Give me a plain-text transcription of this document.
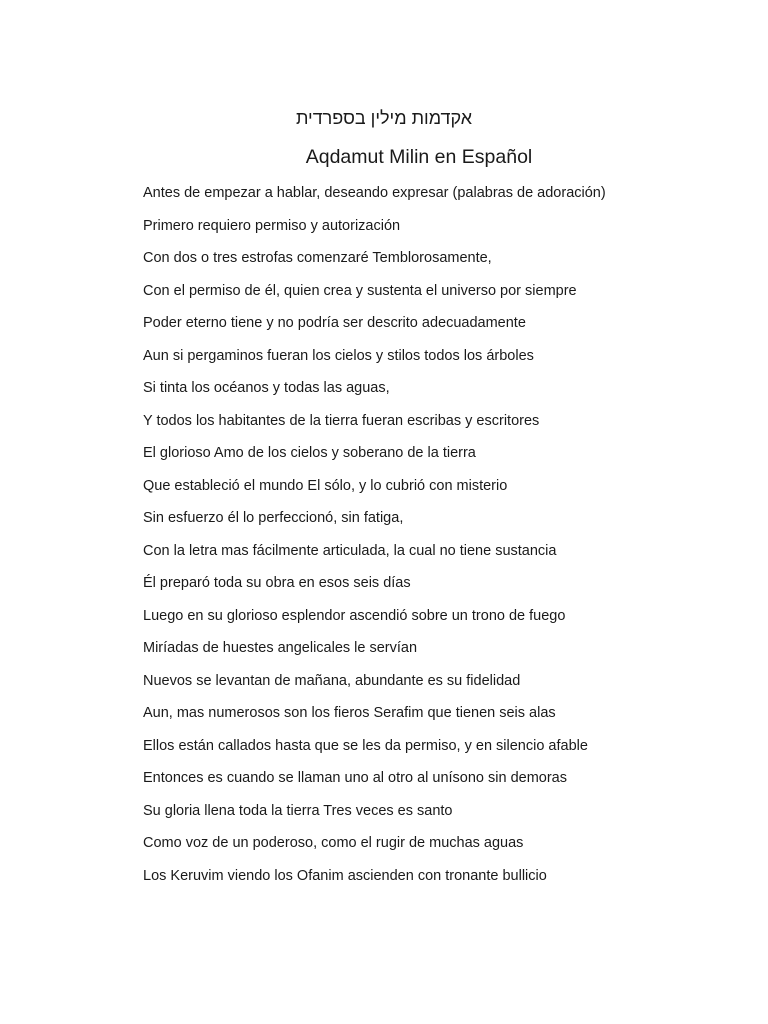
אקדמות מילין בספרדית
Aqdamut Milin en Español
Antes de empezar a hablar, deseando expresar (palabras de adoración)
Primero requiero permiso y autorización
Con dos o tres estrofas comenzaré Temblorosamente,
Con el permiso de él, quien crea y sustenta el universo por siempre
Poder eterno tiene y no podría ser descrito adecuadamente
Aun si pergaminos fueran los cielos y stilos todos los árboles
Si tinta los océanos y todas las aguas,
Y todos los habitantes de la tierra fueran escribas y escritores
El glorioso Amo de los cielos y soberano de la tierra
Que estableció el mundo El sólo, y lo cubrió con misterio
Sin esfuerzo él lo perfeccionó, sin fatiga,
Con la letra mas fácilmente articulada, la cual no tiene sustancia
Él preparó toda su obra en esos seis días
Luego en su glorioso esplendor ascendió sobre un trono de fuego
Miríadas de huestes angelicales le servían
Nuevos se levantan de mañana, abundante es su fidelidad
Aun, mas numerosos son los fieros Serafim que tienen seis alas
Ellos están callados hasta que se les da permiso, y en silencio afable
Entonces es cuando se llaman uno al otro al unísono sin demoras
Su gloria llena toda la tierra Tres veces es santo
Como voz de un poderoso, como el rugir de muchas aguas
Los Keruvim viendo los Ofanim ascienden con tronante bullicio
